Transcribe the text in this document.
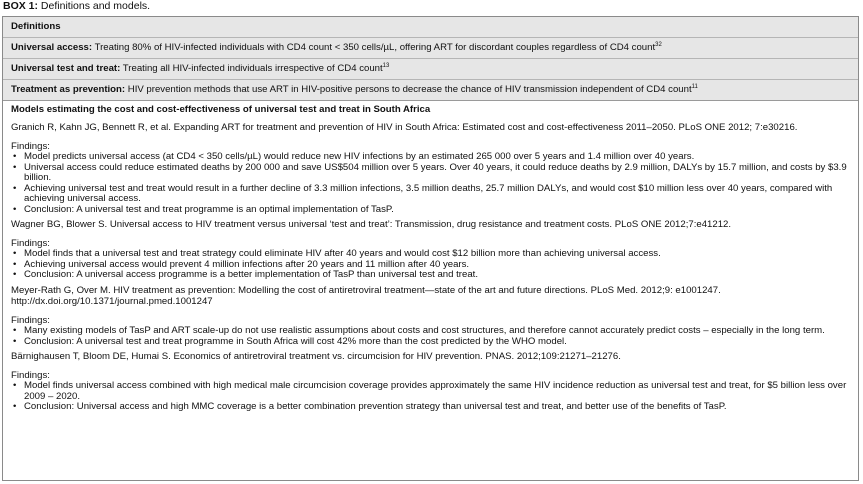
BOX 1: Definitions and models.
Definitions
Universal access: Treating 80% of HIV-infected individuals with CD4 count < 350 cells/µL, offering ART for discordant couples regardless of CD4 count$^{32}$
Universal test and treat: Treating all HIV-infected individuals irrespective of CD4 count$^{13}$
Treatment as prevention: HIV prevention methods that use ART in HIV-positive persons to decrease the chance of HIV transmission independent of CD4 count$^{11}$
Models estimating the cost and cost-effectiveness of universal test and treat in South Africa
Granich R, Kahn JG, Bennett R, et al. Expanding ART for treatment and prevention of HIV in South Africa: Estimated cost and cost-effectiveness 2011–2050. PLoS ONE 2012; 7:e30216.
Findings:
• Model predicts universal access (at CD4 < 350 cells/µL) would reduce new HIV infections by an estimated 265 000 over 5 years and 1.4 million over 40 years.
• Universal access could reduce estimated deaths by 200 000 and save US$504 million over 5 years. Over 40 years, it could reduce deaths by 2.9 million, DALYs by 15.7 million, and costs by $3.9 billion.
• Achieving universal test and treat would result in a further decline of 3.3 million infections, 3.5 million deaths, 25.7 million DALYs, and would cost $10 million less over 40 years, compared with achieving universal access.
• Conclusion: A universal test and treat programme is an optimal implementation of TasP.
Wagner BG, Blower S. Universal access to HIV treatment versus universal ‘test and treat’: Transmission, drug resistance and treatment costs. PLoS ONE 2012;7:e41212.
Findings:
• Model finds that a universal test and treat strategy could eliminate HIV after 40 years and would cost $12 billion more than achieving universal access.
• Achieving universal access would prevent 4 million infections after 20 years and 11 million after 40 years.
• Conclusion: A universal access programme is a better implementation of TasP than universal test and treat.
Meyer-Rath G, Over M. HIV treatment as prevention: Modelling the cost of antiretroviral treatment—state of the art and future directions. PLoS Med. 2012;9: e1001247. http://dx.doi.org/10.1371/journal.pmed.1001247
Findings:
• Many existing models of TasP and ART scale-up do not use realistic assumptions about costs and cost structures, and therefore cannot accurately predict costs – especially in the long term.
• Conclusion: A universal test and treat programme in South Africa will cost 42% more than the cost predicted by the WHO model.
Bärnighausen T, Bloom DE, Humai S. Economics of antiretroviral treatment vs. circumcision for HIV prevention. PNAS. 2012;109:21271–21276.
Findings:
• Model finds universal access combined with high medical male circumcision coverage provides approximately the same HIV incidence reduction as universal test and treat, for $5 billion less over 2009 – 2020.
• Conclusion: Universal access and high MMC coverage is a better combination prevention strategy than universal test and treat, and better use of the benefits of TasP.
